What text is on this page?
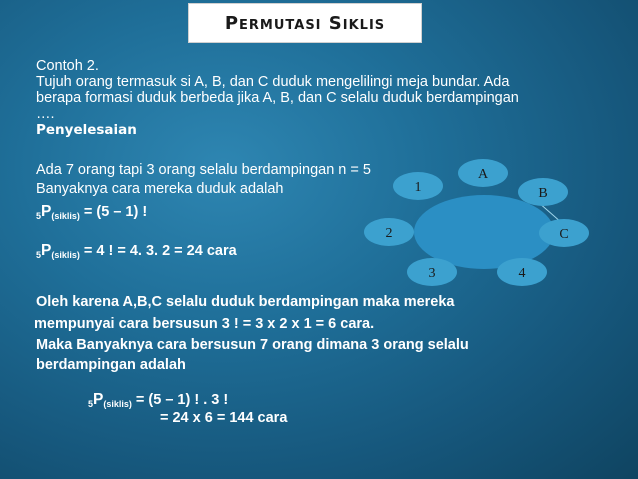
Permutasi Siklis
Contoh 2.
Tujuh orang termasuk si A, B, dan C duduk mengelilingi meja bundar. Ada
berapa formasi duduk berbeda jika A, B, dan C selalu duduk berdampingan
….
Penyelesaian
Ada 7 orang tapi 3 orang selalu berdampingan n = 5
Banyaknya cara mereka duduk adalah
$_5P_{(siklis)} = (5 - 1)$ !
$_5P_{(siklis)} = 4$ ! = 4. 3. 2 = 24 cara
Oleh karena A,B,C selalu duduk berdampingan maka mereka
mempunyai cara bersusun 3 ! = 3 x 2 x 1 = 6 cara.
Maka Banyaknya cara bersusun 7 orang dimana 3 orang selalu
berdampingan adalah
$_5P_{(siklis)} = (5 - 1)$ ! . 3 !
= 24 x 6 = 144 cara
A
B
C
1
2
3	4
